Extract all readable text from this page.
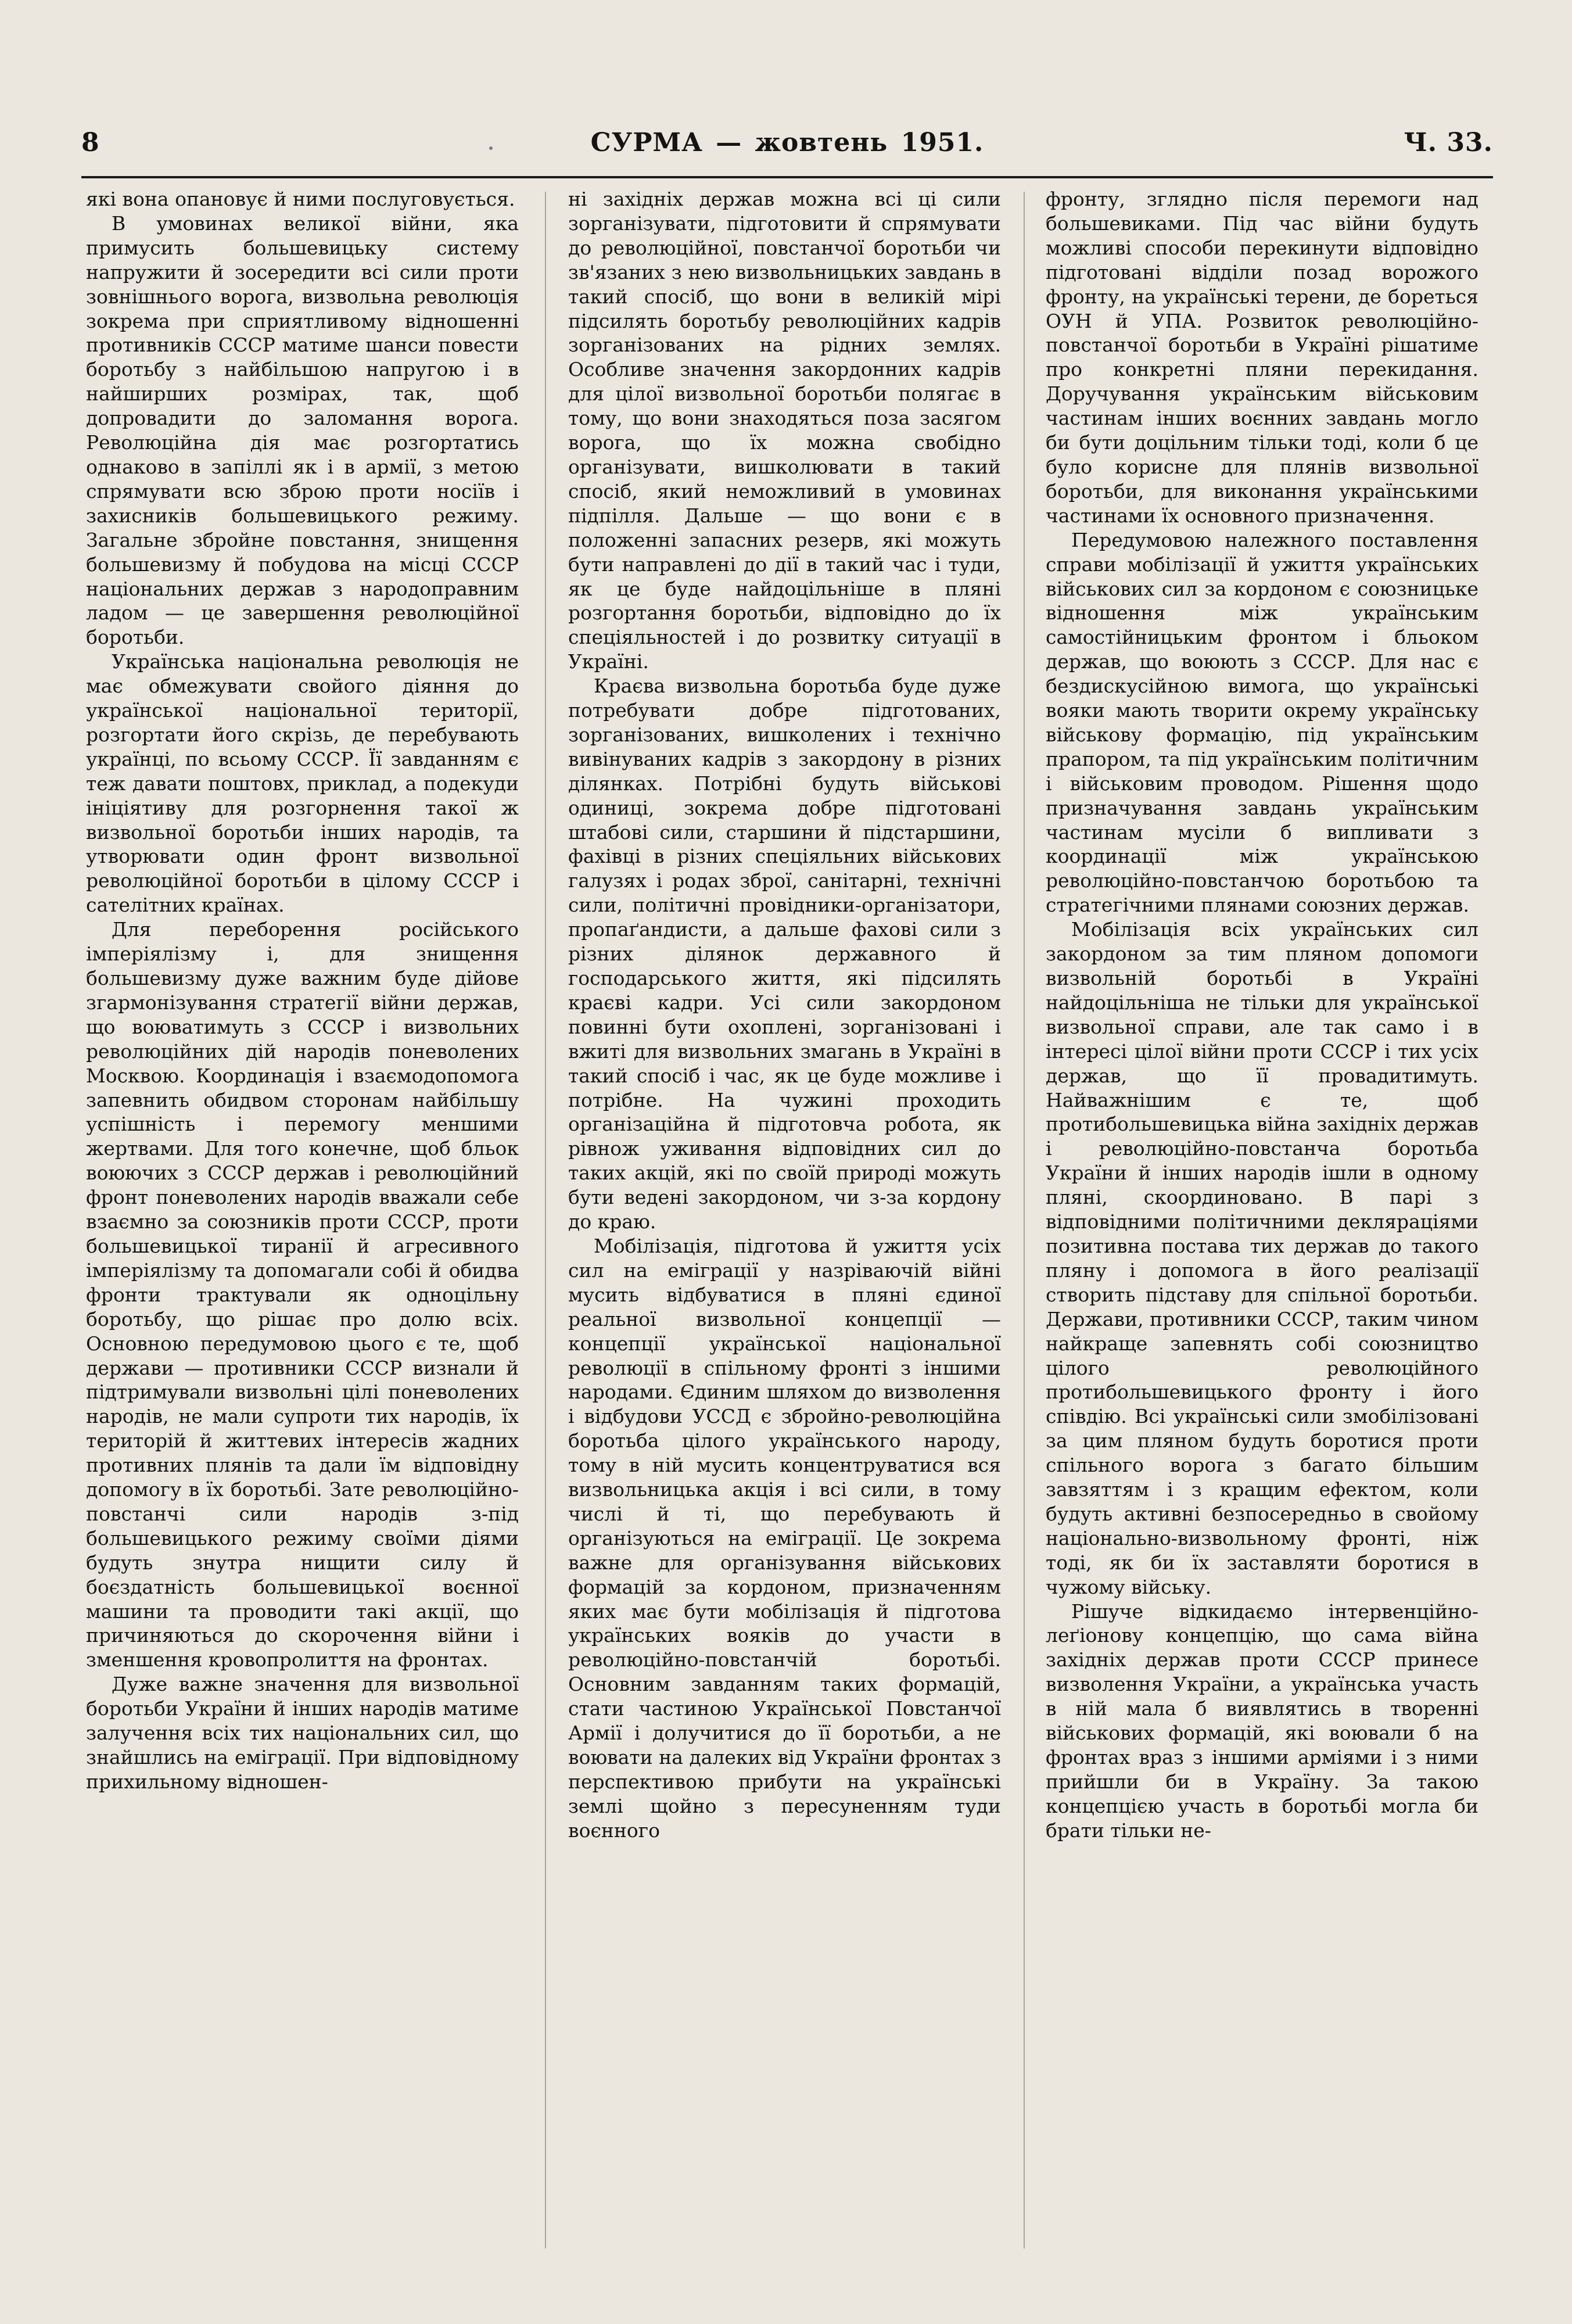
8	СУРМА — жовтень 1951.	Ч. 33.

які вона опановує й ними послуговується.

В умовинах великої війни, яка примусить большевицьку систему напружити й зосередити всі сили проти зовнішнього ворога, визвольна революція зокрема при сприятливому відношенні противників СССР матиме шанси повести боротьбу з найбільшою напругою і в найширших розмірах, так, щоб допровадити до заломання ворога. Революційна дія має розгортатись однаково в запіллі як і в армії, з метою спрямувати всю зброю проти носіїв і захисників большевицького режиму. Загальне збройне повстання, знищення большевизму й побудова на місці СССР національних держав з народоправним ладом — це завершення революційної боротьби.

Українська національна революція не має обмежувати свойого діяння до української національної території, розгортати його скрізь, де перебувають українці, по всьому СССР. Її завданням є теж давати поштовх, приклад, а подекуди ініціятиву для розгорнення такої ж визвольної боротьби інших народів, та утворювати один фронт визвольної революційної боротьби в цілому СССР і сателітних країнах.

Для переборення російського імперіялізму і, для знищення большевизму дуже важним буде дійове згармонізування стратегії війни держав, що воюватимуть з СССР і визвольних революційних дій народів поневолених Москвою. Координація і взаємодопомога запевнить обидвом сторонам найбільшу успішність і перемогу меншими жертвами. Для того конечне, щоб бльок воюючих з СССР держав і революційний фронт поневолених народів вважали себе взаємно за союзників проти СССР, проти большевицької тиранії й агресивного імперіялізму та допомагали собі й обидва фронти трактували як одноцільну боротьбу, що рішає про долю всіх. Основною передумовою цього є те, щоб держави — противники СССР визнали й підтримували визвольні цілі поневолених народів, не мали супроти тих народів, їх територій й життевих інтересів жадних противних плянів та дали їм відповідну допомогу в їх боротьбі. Зате революційно-повстанчі сили народів з-під большевицького режиму своїми діями будуть знутра нищити силу й боєздатність большевицької воєнної машини та проводити такі акції, що причиняються до скорочення війни і зменшення кровопролиття на фронтах.

Дуже важне значення для визвольної боротьби України й інших народів матиме залучення всіх тих національних сил, що знайшлись на еміграції. При відповідному прихильному відношен-

ні західніх держав можна всі ці сили зорганізувати, підготовити й спрямувати до революційної, повстанчої боротьби чи зв'язаних з нею визвольницьких завдань в такий спосіб, що вони в великій мірі підсилять боротьбу революційних кадрів зорганізованих на рідних землях. Особливе значення закордонних кадрів для цілої визвольної боротьби полягає в тому, що вони знаходяться поза засягом ворога, що їх можна свобідно організувати, вишколювати в такий спосіб, який неможливий в умовинах підпілля. Дальше — що вони є в положенні запасних резерв, які можуть бути направлені до дії в такий час і туди, як це буде найдоцільніше в пляні розгортання боротьби, відповідно до їх спеціяльностей і до розвитку ситуації в Україні.

Краєва визвольна боротьба буде дуже потребувати добре підготованих, зорганізованих, вишколених і технічно вивінуваних кадрів з закордону в різних ділянках. Потрібні будуть військові одиниці, зокрема добре підготовані штабові сили, старшини й підстаршини, фахівці в різних спеціяльних військових галузях і родах зброї, санітарні, технічні сили, політичні провідники-організатори, пропаґандисти, а дальше фахові сили з різних ділянок державного й господарського життя, які підсилять краєві кадри. Усі сили закордоном повинні бути охоплені, зорганізовані і вжиті для визвольних змагань в Україні в такий спосіб і час, як це буде можливе і потрібне. На чужині проходить організаційна й підготовча робота, як рівнож уживання відповідних сил до таких акцій, які по своїй природі можуть бути ведені закордоном, чи з-за кордону до краю.

Мобілізація, підготова й ужиття усіх сил на еміграції у назріваючій війні мусить відбуватися в пляні єдиної реальної визвольної концепції — концепції української національної революції в спільному фронті з іншими народами. Єдиним шляхом до визволення і відбудови УССД є збройно-революційна боротьба цілого українського народу, тому в ній мусить концентруватися вся визвольницька акція і всі сили, в тому числі й ті, що перебувають й організуються на еміграції. Це зокрема важне для організування військових формацій за кордоном, призначенням яких має бути мобілізація й підготова українських вояків до участи в революційно-повстанчій боротьбі. Основним завданням таких формацій, стати частиною Української Повстанчої Армії і долучитися до її боротьби, а не воювати на далеких від України фронтах з перспективою прибути на українські землі щойно з пересуненням туди воєнного

фронту, зглядно після перемоги над большевиками. Під час війни будуть можливі способи перекинути відповідно підготовані відділи позад ворожого фронту, на українські терени, де бореться ОУН й УПА. Розвиток революційно-повстанчої боротьби в Україні рішатиме про конкретні пляни перекидання. Доручування українським військовим частинам інших воєнних завдань могло би бути доцільним тільки тоді, коли б це було корисне для плянів визвольної боротьби, для виконання українськими частинами їх основного призначення.

Передумовою належного поставлення справи мобілізації й ужиття українських військових сил за кордоном є союзницьке відношення між українським самостійницьким фронтом і бльоком держав, що воюють з СССР. Для нас є бездискусійною вимога, що українські вояки мають творити окрему українську військову формацію, під українським прапором, та під українським політичним і військовим проводом. Рішення щодо призначування завдань українським частинам мусіли б випливати з координації між українською революційно-повстанчою боротьбою та стратегічними плянами союзних держав.

Мобілізація всіх українських сил закордоном за тим пляном допомоги визвольній боротьбі в Україні найдоцільніша не тільки для української визвольної справи, але так само і в інтересі цілої війни проти СССР і тих усіх держав, що її провадитимуть. Найважнішим є те, щоб протибольшевицька війна західніх держав і революційно-повстанча боротьба України й інших народів ішли в одному пляні, скоординовано. В парі з відповідними політичними деклярaціями позитивна постава тих держав до такого пляну і допомога в його реалізації створить підставу для спільної боротьби. Держави, противники СССР, таким чином найкраще запевнять собі союзництво цілого революційного протибольшевицького фронту і його співдію. Всі українські сили змобілізовані за цим пляном будуть боротися проти спільного ворога з багато більшим завзяттям і з кращим ефектом, коли будуть активні безпосередньо в свойому національно-визвольному фронті, ніж тоді, як би їх заставляти боротися в чужому війську.

Рішуче відкидаємо інтервенційно-леґіонову концепцію, що сама війна західніх держав проти СССР принесе визволення України, а українська участь в ній мала б виявлятись в творенні військових формацій, які воювали б на фронтах враз з іншими арміями і з ними прийшли би в Україну. За такою концепцією участь в боротьбі могла би брати тільки не-
